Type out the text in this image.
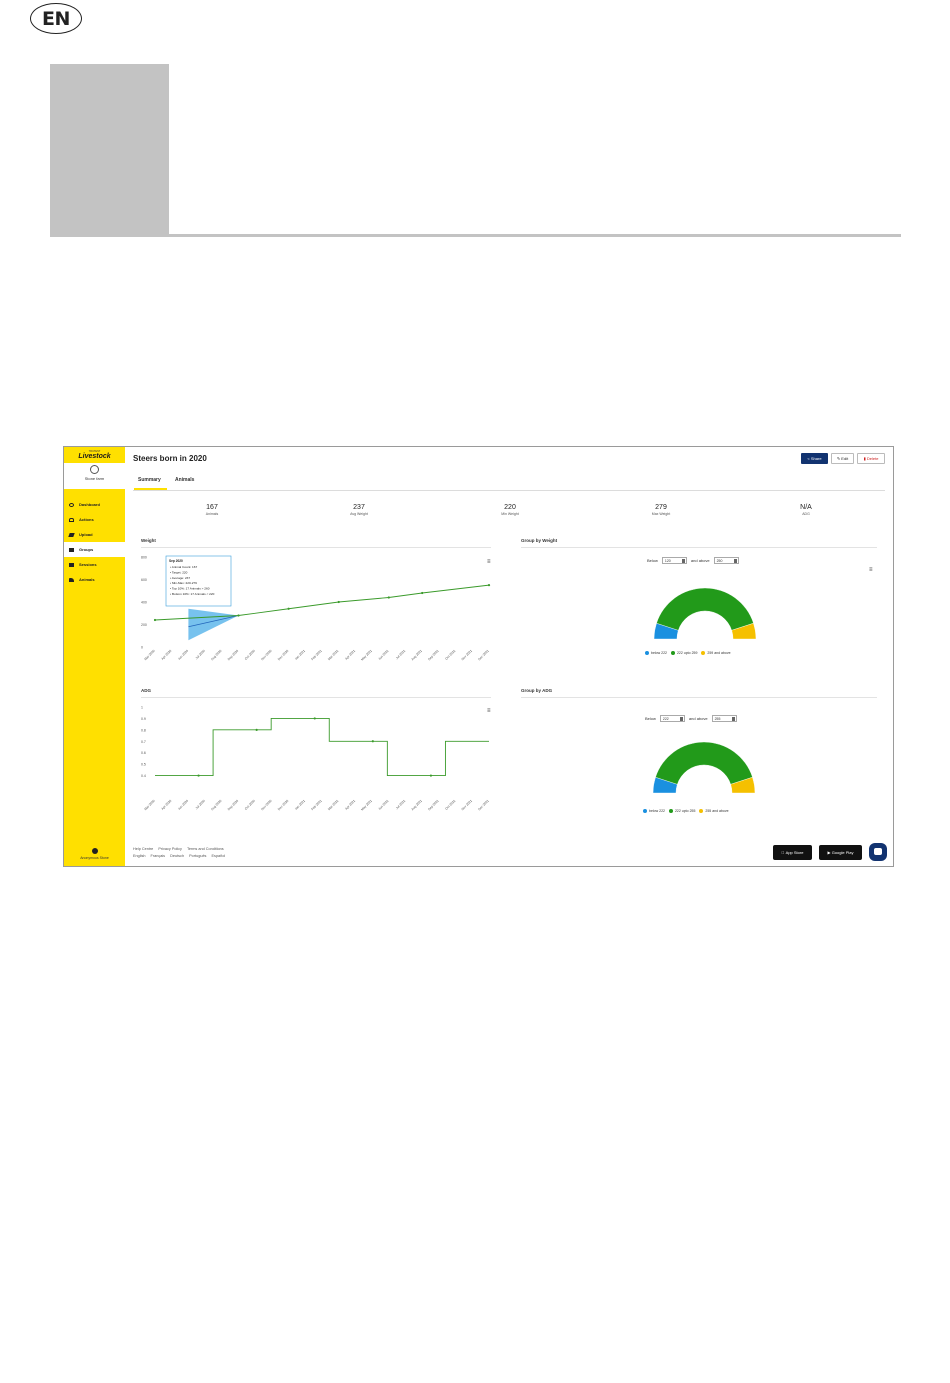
EN
TRUTEST
Livestock
Stone farm
Dashboard
Actions
Upload
Groups
Sessions
Animals
Anonymous Stone
Steers born in 2020	< Share	✎ Edit	▮ Delete
Summary	Animals
167
Animals
237
Avg Weight
220
Min Weight
279
Max Weight
N/A
ADG
Weight	Group by Weight
ADG	Group by ADG
≡
≡
≡
0
200
400
600
800
Mar 2020 Apr 2020 Jun 2020 Jul 2020 Aug 2020 Sep 2020 Oct 2020 Nov 2020 Dec 2020 Jan 2021 Feb 2021 Mar 2021 Apr 2021 May 2021 Jun 2021 Jul 2021 Aug 2021 Sep 2021 Oct 2021 Nov 2021 Dec 2021
Sep 2020
• Animal Count: 167
• Target: 220
• Average: 237
• Min-Max: 220-279
• Top 10%: 17 Animals > 260
• Bottom 10%: 17 Animals < 220
0.4
0.5
0.6
0.7
0.8
0.9
1
Mar 2020 Apr 2020 Jun 2020 Jul 2020 Aug 2020 Sep 2020 Oct 2020 Nov 2020 Dec 2020 Jan 2021 Feb 2021 Mar 2021 Apr 2021 May 2021 Jun 2021 Jul 2021 Aug 2021 Sep 2021 Oct 2021 Nov 2021 Dec 2021
Below	120	and above	250
below 222	222 upto 259	259 and above
Below	222	and above	255
below 222	222 upto 255	255 and above
Help Centre Privacy Policy Terms and Conditions
English Français Deutsch Português Español
App Store	▶ Google Play
